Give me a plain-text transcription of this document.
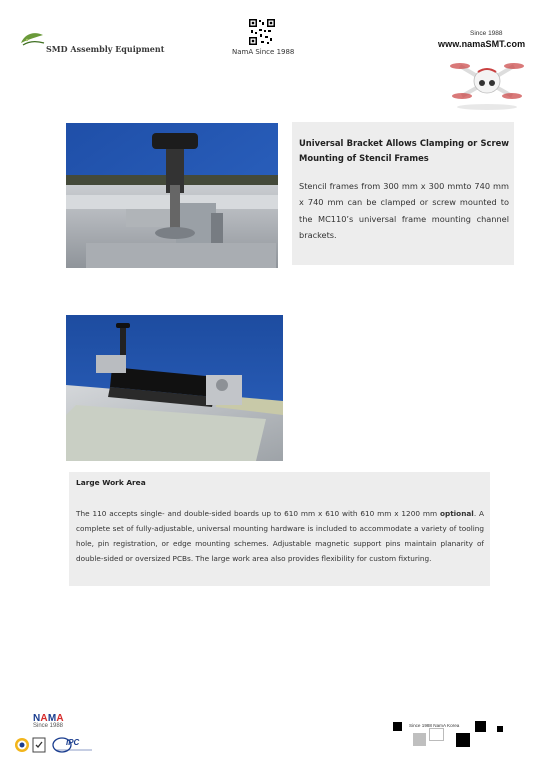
SMD Assembly Equipment	NamA Since 1988
Since 1988
www.namaSMT.com
Universal Bracket Allows Clamping or Screw Mounting of Stencil Frames
Stencil frames from 300 mm x 300 mmto 740 mm x 740 mm can be clamped or screw mounted to the MC110’s universal frame mounting channel brackets.
Large Work Area
The 110 accepts single- and double-sided boards up to 610 mm x 610 with 610 mm x 1200 mm optional. A complete set of fully-adjustable, universal mounting hardware is included to accommodate a variety of tooling hole, pin registration, or edge mounting schemes. Adjustable magnetic support pins maintain planarity of double-sided or oversized PCBs. The large work area also provides flexibility for custom fixturing.
NAMA
Since 1988
IPC
Since 1988 NamA Korea
